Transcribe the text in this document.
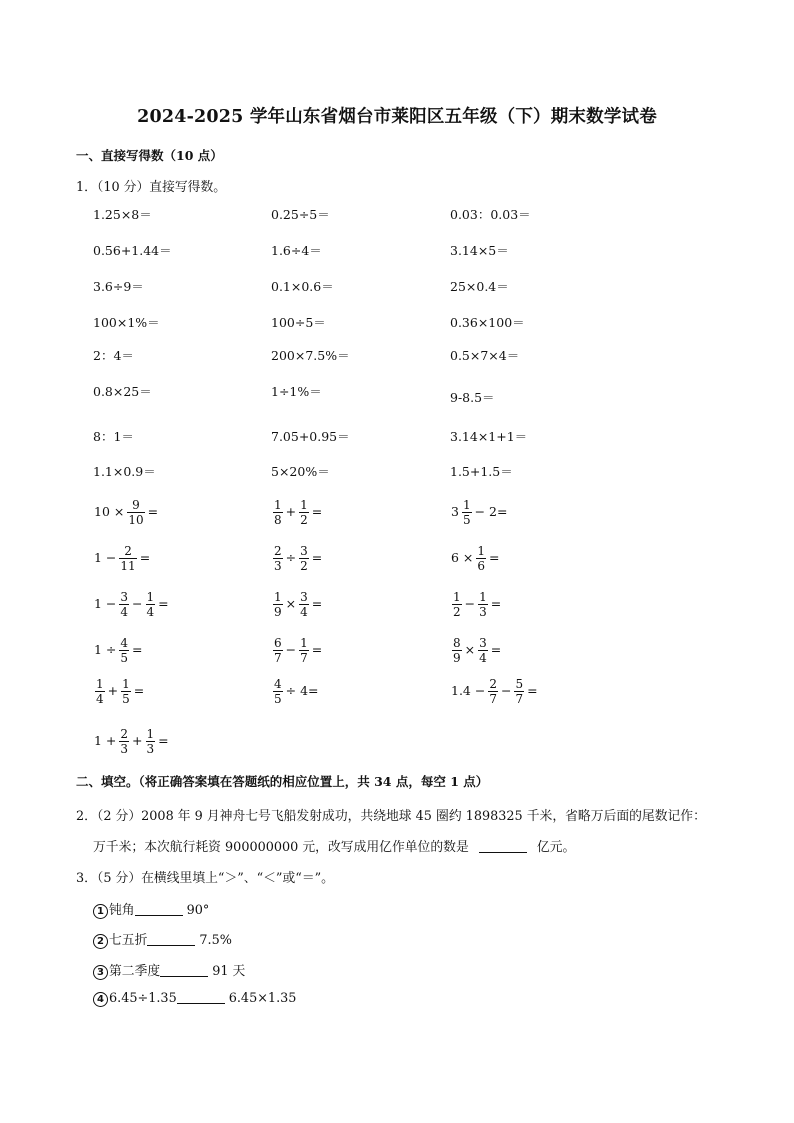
2024-2025 学年山东省烟台市莱阳区五年级（下）期末数学试卷
一、直接写得数（10 点）
1．（10 分）直接写得数。
1.25×8＝	0.25÷5＝	0.03：0.03＝
0.56+1.44＝	1.6÷4＝	3.14×5＝
3.6÷9＝	0.1×0.6＝	25×0.4＝
100×1%＝	100÷5＝	0.36×100＝
2：4＝	200×7.5%＝	0.5×7×4＝
0.8×25＝	1÷1%＝	9-8.5＝
8：1＝	7.05+0.95＝	3.14×1+1＝
1.1×0.9＝	5×20%＝	1.5+1.5＝
$10 \times \frac{9}{10}$ =	$\frac{1}{8} + \frac{1}{2}$ =	$3 \frac{1}{5} - 2=$
$1 - \frac{2}{11}$ =	$\frac{2}{3} \div \frac{3}{2}$ =	$6 \times \frac{1}{6}$ =
$1 - \frac{3}{4} - \frac{1}{4}$ =	$\frac{1}{9} \times \frac{3}{4}$ =	$\frac{1}{2} - \frac{1}{3}$ =
$1 \div \frac{4}{5}$ =	$\frac{6}{7} - \frac{1}{7}$ =	$\frac{8}{9} \times \frac{3}{4}$ =
$\frac{1}{4} + \frac{1}{5}$ =	$\frac{4}{5} \div 4=$	$1.4 - \frac{2}{7} - \frac{5}{7}$ =
$1 + \frac{2}{3} + \frac{1}{3}$ =
二、填空。（将正确答案填在答题纸的相应位置上，共 34 点，每空 1 点）
2．（2 分）2008 年 9 月神舟七号飞船发射成功，共绕地球 45 圈约 1898325 千米，省略万后面的尾数记作：
万千米；本次航行耗资 900000000 元，改写成用亿作单位的数是	亿元。
3．（5 分）在横线里填上“＞”、“＜”或“＝”。
1 钝角	90°
2 七五折	7.5%
3 第二季度	91 天
4 6.45÷1.35	6.45×1.35
